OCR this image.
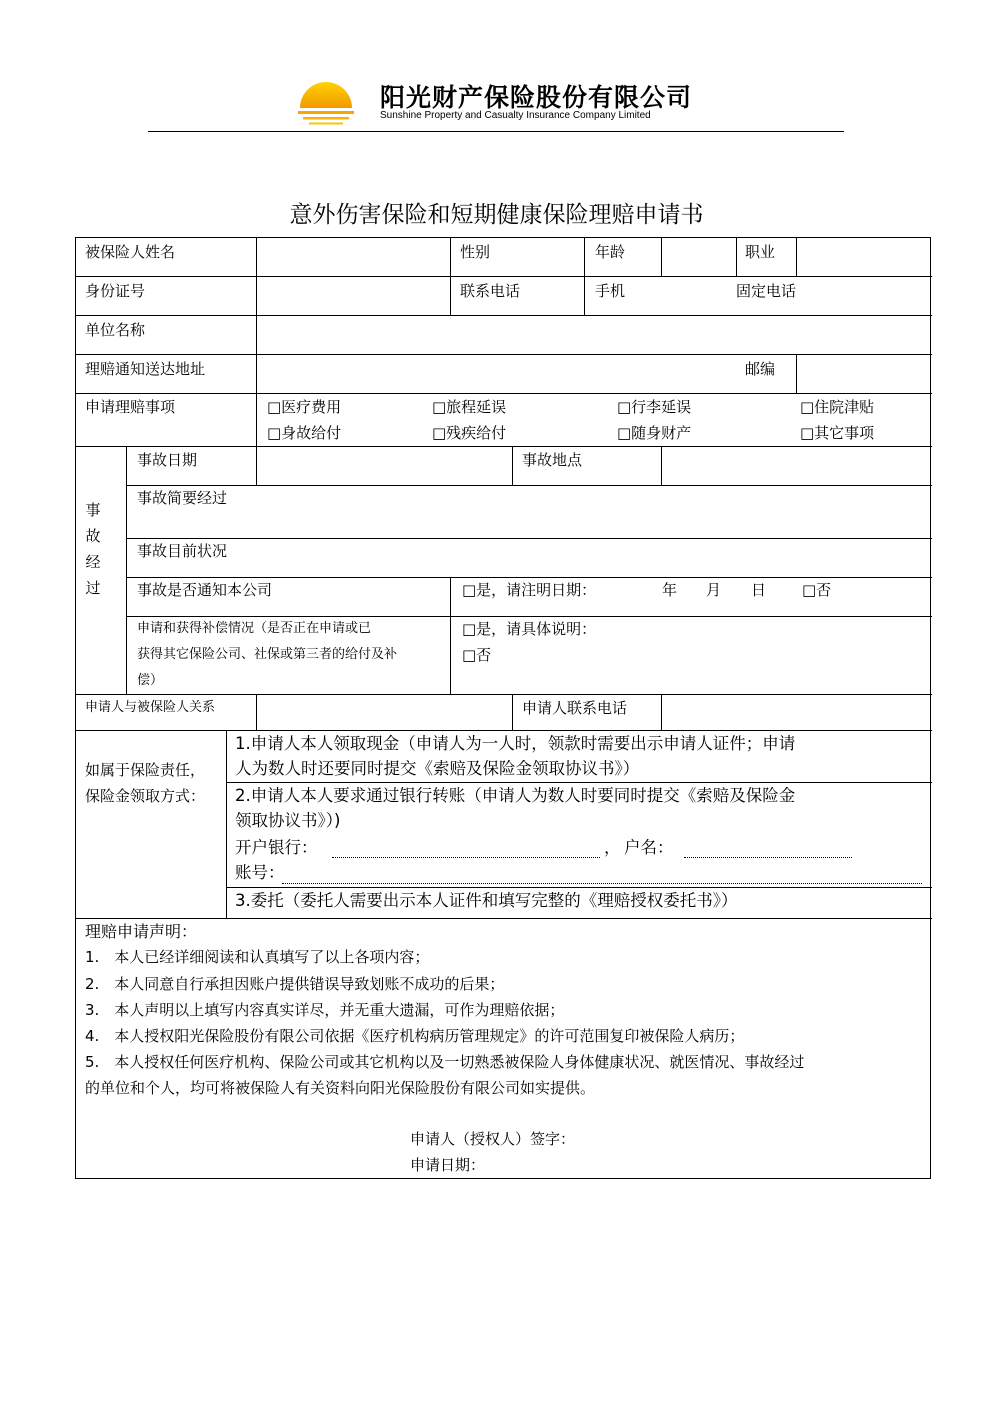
阳光财产保险股份有限公司
Sunshine Property and Casualty Insurance Company Limited
意外伤害保险和短期健康保险理赔申请书
被保险人姓名	性别	年龄	职业
身份证号	联系电话	手机	固定电话
单位名称
理赔通知送达地址	邮编
申请理赔事项	□医疗费用	□旅程延误	□行李延误	□住院津贴
□身故给付	□残疾给付	□随身财产	□其它事项
事
故
经
过
事故日期	事故地点
事故简要经过
事故目前状况
事故是否通知本公司	□是，请注明日期：	年 月 日 □否
申请和获得补偿情况（是否正在申请或已
获得其它保险公司、社保或第三者的给付及补
偿）
□是，请具体说明：
□否
申请人与被保险人关系	申请人联系电话
如属于保险责任，
保险金领取方式：
1.申请人本人领取现金（申请人为一人时，领款时需要出示申请人证件；申请
人为数人时还要同时提交《索赔及保险金领取协议书》）
2.申请人本人要求通过银行转账（申请人为数人时要同时提交《索赔及保险金
领取协议书》）)
开户银行：	， 户名：
账号：
3.委托（委托人需要出示本人证件和填写完整的《理赔授权委托书》）
理赔申请声明：
1.　本人已经详细阅读和认真填写了以上各项内容；
2.　本人同意自行承担因账户提供错误导致划账不成功的后果；
3.　本人声明以上填写内容真实详尽，并无重大遗漏，可作为理赔依据；
4.　本人授权阳光保险股份有限公司依据《医疗机构病历管理规定》的许可范围复印被保险人病历；
5.　本人授权任何医疗机构、保险公司或其它机构以及一切熟悉被保险人身体健康状况、就医情况、事故经过
的单位和个人，均可将被保险人有关资料向阳光保险股份有限公司如实提供。
申请人（授权人）签字：
申请日期：
